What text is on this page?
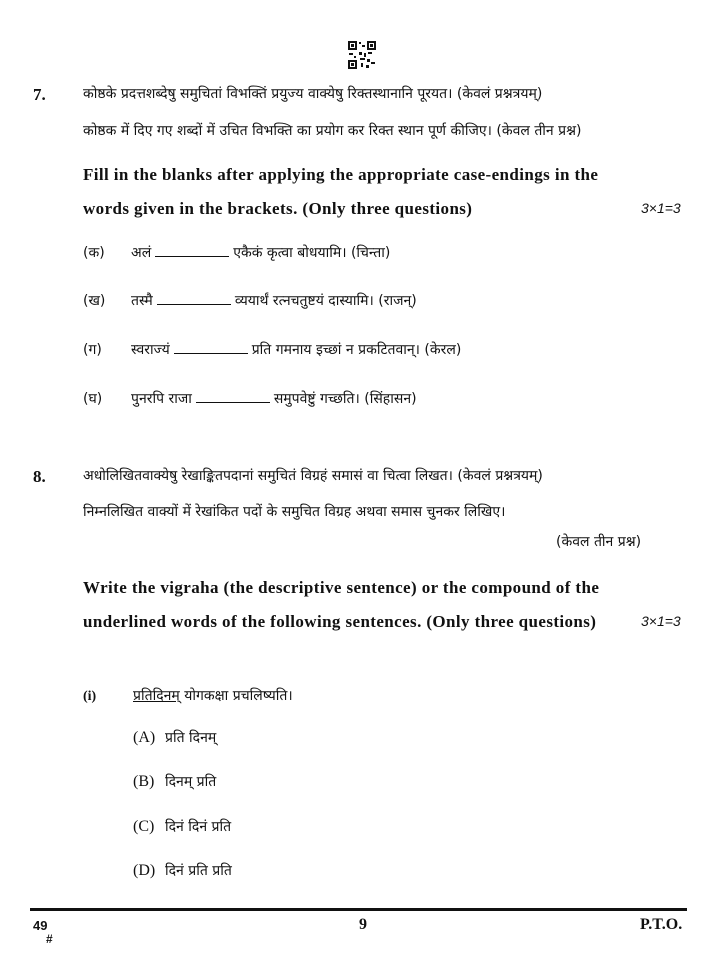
7.	कोष्ठके प्रदत्तशब्देषु समुचितां विभक्तिं प्रयुज्य वाक्येषु रिक्तस्थानानि पूरयत। (केवलं प्रश्नत्रयम्)
कोष्ठक में दिए गए शब्दों में उचित विभक्ति का प्रयोग कर रिक्त स्थान पूर्ण कीजिए। (केवल तीन प्रश्न)
Fill in the blanks after applying the appropriate case-endings in the
words given in the brackets. (Only three questions)	3×1=3
(क) अलं	एकैकं कृत्वा बोधयामि। (चिन्ता)
(ख) तस्मै	व्ययार्थं रत्नचतुष्टयं दास्यामि। (राजन्)
(ग) स्वराज्यं	प्रति गमनाय इच्छां न प्रकटितवान्। (केरल)
(घ) पुनरपि राजा	समुपवेष्टुं गच्छति। (सिंहासन)
8.	अधोलिखितवाक्येषु रेखाङ्कितपदानां समुचितं विग्रहं समासं वा चित्वा लिखत। (केवलं प्रश्नत्रयम्)
निम्नलिखित वाक्यों में रेखांकित पदों के समुचित विग्रह अथवा समास चुनकर लिखिए।
(केवल तीन प्रश्न)
Write the vigraha (the descriptive sentence) or the compound of the
underlined words of the following sentences. (Only three questions)	3×1=3
(i)	प्रतिदिनम् योगकक्षा प्रचलिष्यति।
(A) प्रति दिनम्
(B) दिनम् प्रति
(C) दिनं दिनं प्रति
(D) दिनं प्रति प्रति
49
#
9	P.T.O.
